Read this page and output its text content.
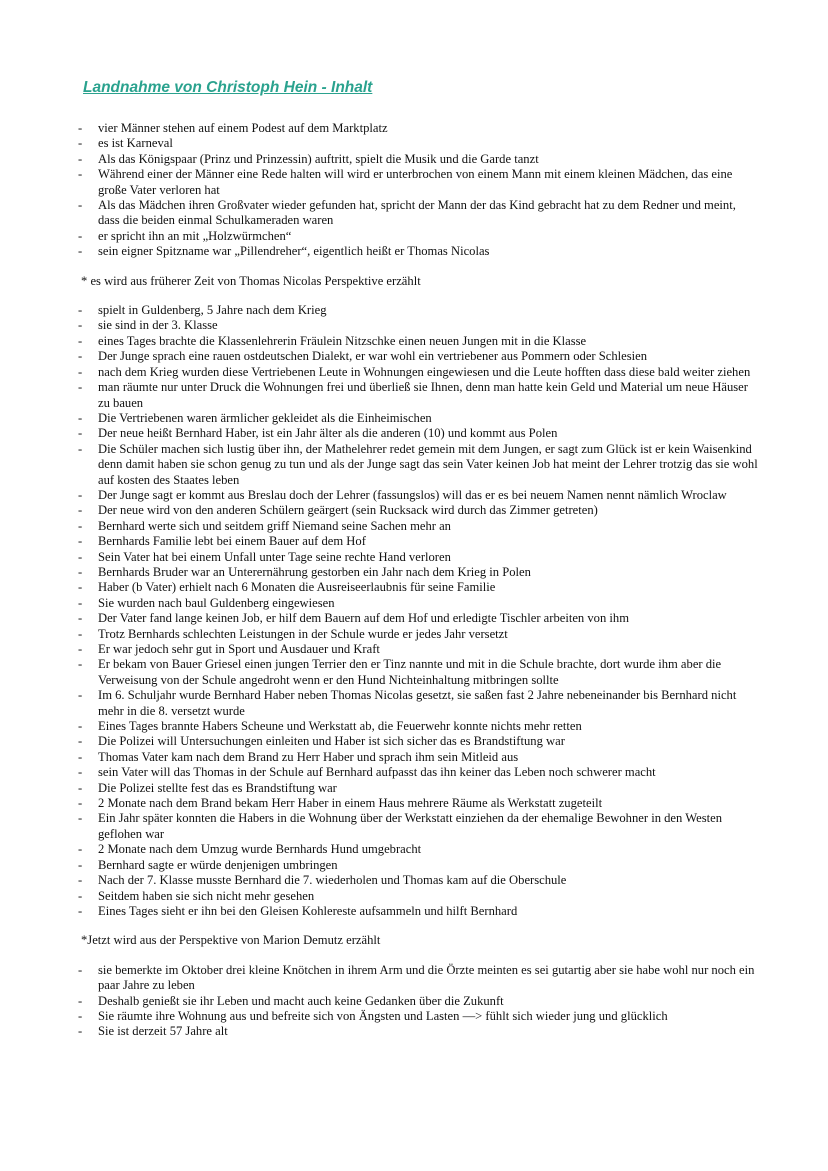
Landnahme von Christoph Hein - Inhalt
-	vier Männer stehen auf einem Podest auf dem Marktplatz
-	es ist Karneval
-	Als das Königspaar (Prinz und Prinzessin) auftritt, spielt die Musik und die Garde tanzt
-	Während einer der Männer eine Rede halten will wird er unterbrochen von einem Mann mit einem kleinen Mädchen, das eine große Vater verloren hat
-	Als das Mädchen ihren Großvater wieder gefunden hat, spricht der Mann der das Kind gebracht hat zu dem Redner und meint, dass die beiden einmal Schulkameraden waren
-	er spricht ihn an mit „Holzwürmchen“
-	sein eigner Spitzname war „Pillendreher“, eigentlich heißt er Thomas Nicolas
* es wird aus früherer Zeit von Thomas Nicolas Perspektive erzählt
-	spielt in Guldenberg, 5 Jahre nach dem Krieg
-	sie sind in der 3. Klasse
-	eines Tages brachte die Klassenlehrerin Fräulein Nitzschke einen neuen Jungen mit in die Klasse
-	Der Junge sprach eine rauen ostdeutschen Dialekt, er war wohl ein vertriebener aus Pommern oder Schlesien
-	nach dem Krieg wurden diese Vertriebenen Leute in Wohnungen eingewiesen und die Leute hofften dass diese bald weiter ziehen
-	man räumte nur unter Druck die Wohnungen frei und überließ sie Ihnen, denn man hatte kein Geld und Material um neue Häuser zu bauen
-	Die Vertriebenen waren ärmlicher gekleidet als die Einheimischen
-	Der neue heißt Bernhard Haber, ist ein Jahr älter als die anderen (10) und kommt aus Polen
-	Die Schüler machen sich lustig über ihn, der Mathelehrer redet gemein mit dem Jungen, er sagt zum Glück ist er kein Waisenkind denn damit haben sie schon genug zu tun und als der Junge sagt das sein Vater keinen Job hat meint der Lehrer trotzig das sie wohl auf kosten des Staates leben
-	Der Junge sagt er kommt aus Breslau doch der Lehrer (fassungslos) will das er es bei neuem Namen nennt nämlich Wroclaw
-	Der neue wird von den anderen Schülern geärgert (sein Rucksack wird durch das Zimmer getreten)
-	Bernhard werte sich und seitdem griff Niemand seine Sachen mehr an
-	Bernhards Familie lebt bei einem Bauer auf dem Hof
-	Sein Vater hat bei einem Unfall unter Tage seine rechte Hand verloren
-	Bernhards Bruder war an Unterernährung gestorben ein Jahr nach dem Krieg in Polen
-	Haber (b Vater) erhielt nach 6 Monaten die Ausreiseerlaubnis für seine Familie
-	Sie wurden nach baul Guldenberg eingewiesen
-	Der Vater fand lange keinen Job, er hilf dem Bauern auf dem Hof und erledigte Tischler arbeiten von ihm
-	Trotz Bernhards schlechten Leistungen in der Schule wurde er jedes Jahr versetzt
-	Er war jedoch sehr gut in Sport und Ausdauer und Kraft
-	Er bekam von Bauer Griesel einen jungen Terrier den er Tinz nannte und mit in die Schule brachte, dort wurde ihm aber die Verweisung von der Schule angedroht wenn er den Hund Nichteinhaltung mitbringen sollte
-	Im 6. Schuljahr wurde Bernhard Haber neben Thomas Nicolas gesetzt, sie saßen fast 2 Jahre nebeneinander bis Bernhard nicht mehr in die 8. versetzt wurde
-	Eines Tages brannte Habers Scheune und Werkstatt ab, die Feuerwehr konnte nichts mehr retten
-	Die Polizei will Untersuchungen einleiten und Haber ist sich sicher das es Brandstiftung war
-	Thomas Vater kam nach dem Brand zu Herr Haber und sprach ihm sein Mitleid aus
-	sein Vater will das Thomas in der Schule auf Bernhard aufpasst das ihn keiner das Leben noch schwerer macht
-	Die Polizei stellte fest das es Brandstiftung war
-	2 Monate nach dem Brand bekam Herr Haber in einem Haus mehrere Räume als Werkstatt zugeteilt
-	Ein Jahr später konnten die Habers in die Wohnung über der Werkstatt einziehen da der ehemalige Bewohner in den Westen geflohen war
-	2 Monate nach dem Umzug wurde Bernhards Hund umgebracht
-	Bernhard sagte er würde denjenigen umbringen
-	Nach der 7. Klasse musste Bernhard die 7. wiederholen und Thomas kam auf die Oberschule
-	Seitdem haben sie sich nicht mehr gesehen
-	Eines Tages sieht er ihn bei den Gleisen Kohlereste aufsammeln und hilft Bernhard
*Jetzt wird aus der Perspektive von Marion Demutz erzählt
-	sie bemerkte im Oktober drei kleine Knötchen in ihrem Arm und die Örzte meinten es sei gutartig aber sie habe wohl nur noch ein paar Jahre zu leben
-	Deshalb genießt sie ihr Leben und macht auch keine Gedanken über die Zukunft
-	Sie räumte ihre Wohnung aus und befreite sich von Ängsten und Lasten —> fühlt sich wieder jung und glücklich
-	Sie ist derzeit 57 Jahre alt
